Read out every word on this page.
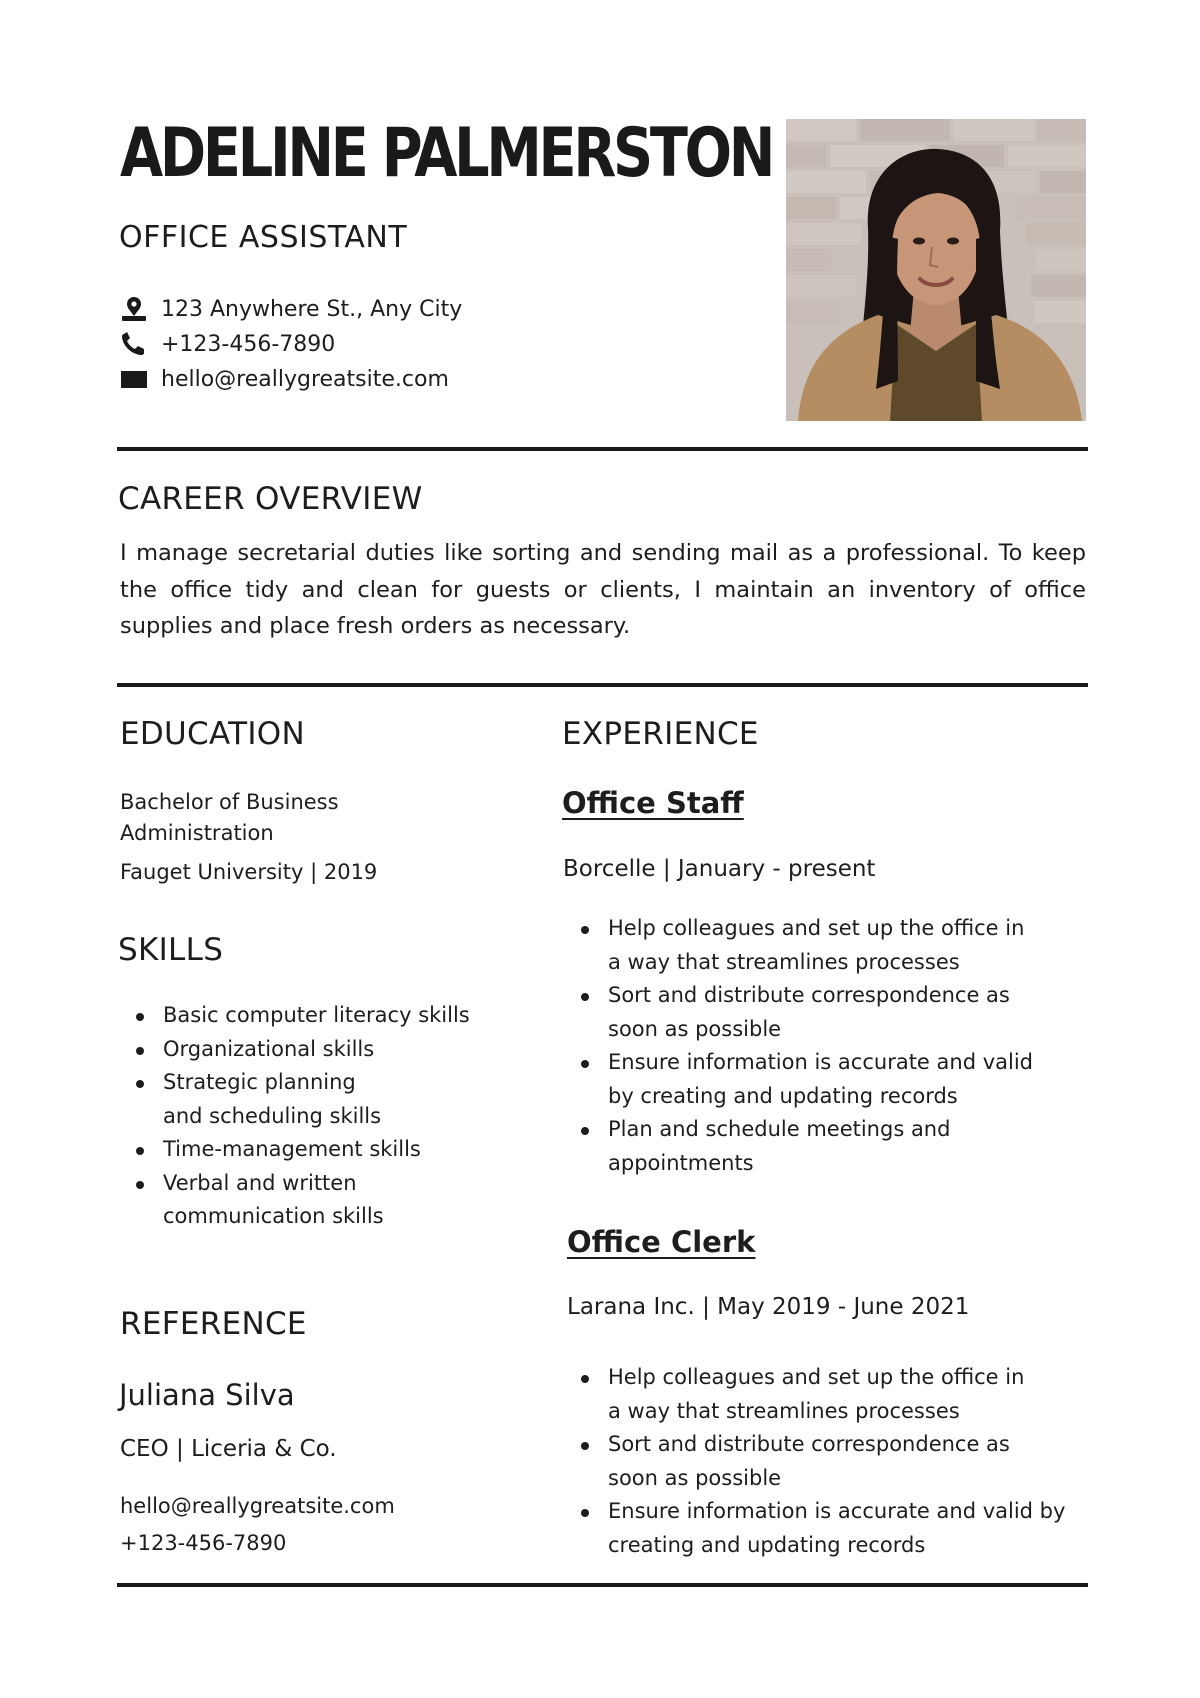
ADELINE PALMERSTON
OFFICE ASSISTANT
123 Anywhere St., Any City
+123-456-7890
hello@reallygreatsite.com
CAREER OVERVIEW
I manage secretarial duties like sorting and sending mail as a professional. To keep the office tidy and clean for guests or clients, I maintain an inventory of office supplies and place fresh orders as necessary.
EDUCATION
Bachelor of Business
Administration
Fauget University | 2019
SKILLS
Basic computer literacy skills
Organizational skills
Strategic planning and scheduling skills
Time-management skills
Verbal and written communication skills
REFERENCE
Juliana Silva
CEO | Liceria & Co.
hello@reallygreatsite.com
+123-456-7890
EXPERIENCE
Office Staff
Borcelle | January - present
Help colleagues and set up the office in a way that streamlines processes
Sort and distribute correspondence as soon as possible
Ensure information is accurate and valid by creating and updating records
Plan and schedule meetings and appointments
Office Clerk
Larana Inc. | May 2019 - June 2021
Help colleagues and set up the office in a way that streamlines processes
Sort and distribute correspondence as soon as possible
Ensure information is accurate and valid by creating and updating records
